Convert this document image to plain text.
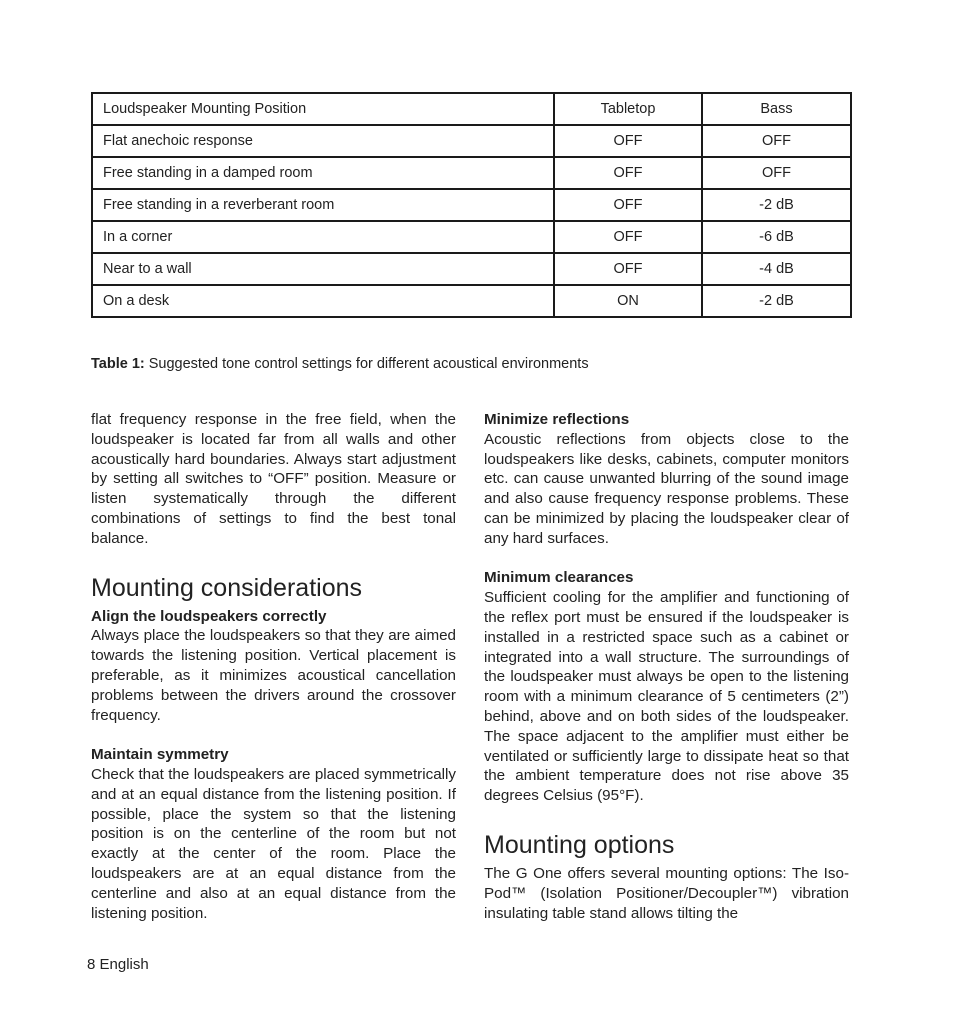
Loudspeaker Mounting Position	Tabletop	Bass
Flat anechoic response	OFF	OFF
Free standing in a damped room	OFF	OFF
Free standing in a reverberant room	OFF	-2 dB
In a corner	OFF	-6 dB
Near to a wall	OFF	-4 dB
On a desk	ON	-2 dB

Table 1: Suggested tone control settings for different acoustical environments

flat frequency response in the free field, when the loudspeaker is located far from all walls and other acoustically hard boundaries. Always start adjustment by setting all switches to “OFF” position. Measure or listen systematically through the different combinations of settings to find the best tonal balance.

Mounting considerations
Align the loudspeakers correctly

Always place the loudspeakers so that they are aimed towards the listening position. Vertical placement is preferable, as it minimizes acoustical cancellation problems between the drivers around the crossover frequency.

Maintain symmetry

Check that the loudspeakers are placed symmetrically and at an equal distance from the listening position. If possible, place the system so that the listening position is on the centerline of the room but not exactly at the center of the room. Place the loudspeakers are at an equal distance from the centerline and also at an equal distance from the listening position.

Minimize reflections

Acoustic reflections from objects close to the loudspeakers like desks, cabinets, computer monitors etc. can cause unwanted blurring of the sound image and also cause frequency response problems. These can be minimized by placing the loudspeaker clear of any hard surfaces.

Minimum clearances

Sufficient cooling for the amplifier and functioning of the reflex port must be ensured if the loudspeaker is installed in a restricted space such as a cabinet or integrated into a wall structure. The surroundings of the loudspeaker must always be open to the listening room with a minimum clearance of 5 centimeters (2”) behind, above and on both sides of the loudspeaker. The space adjacent to the amplifier must either be ventilated or sufficiently large to dissipate heat so that the ambient temperature does not rise above 35 degrees Celsius (95°F).

Mounting options

The G One offers several mounting options: The Iso-Pod™ (Isolation Positioner/Decoupler™) vibration insulating table stand allows tilting the

8 English
